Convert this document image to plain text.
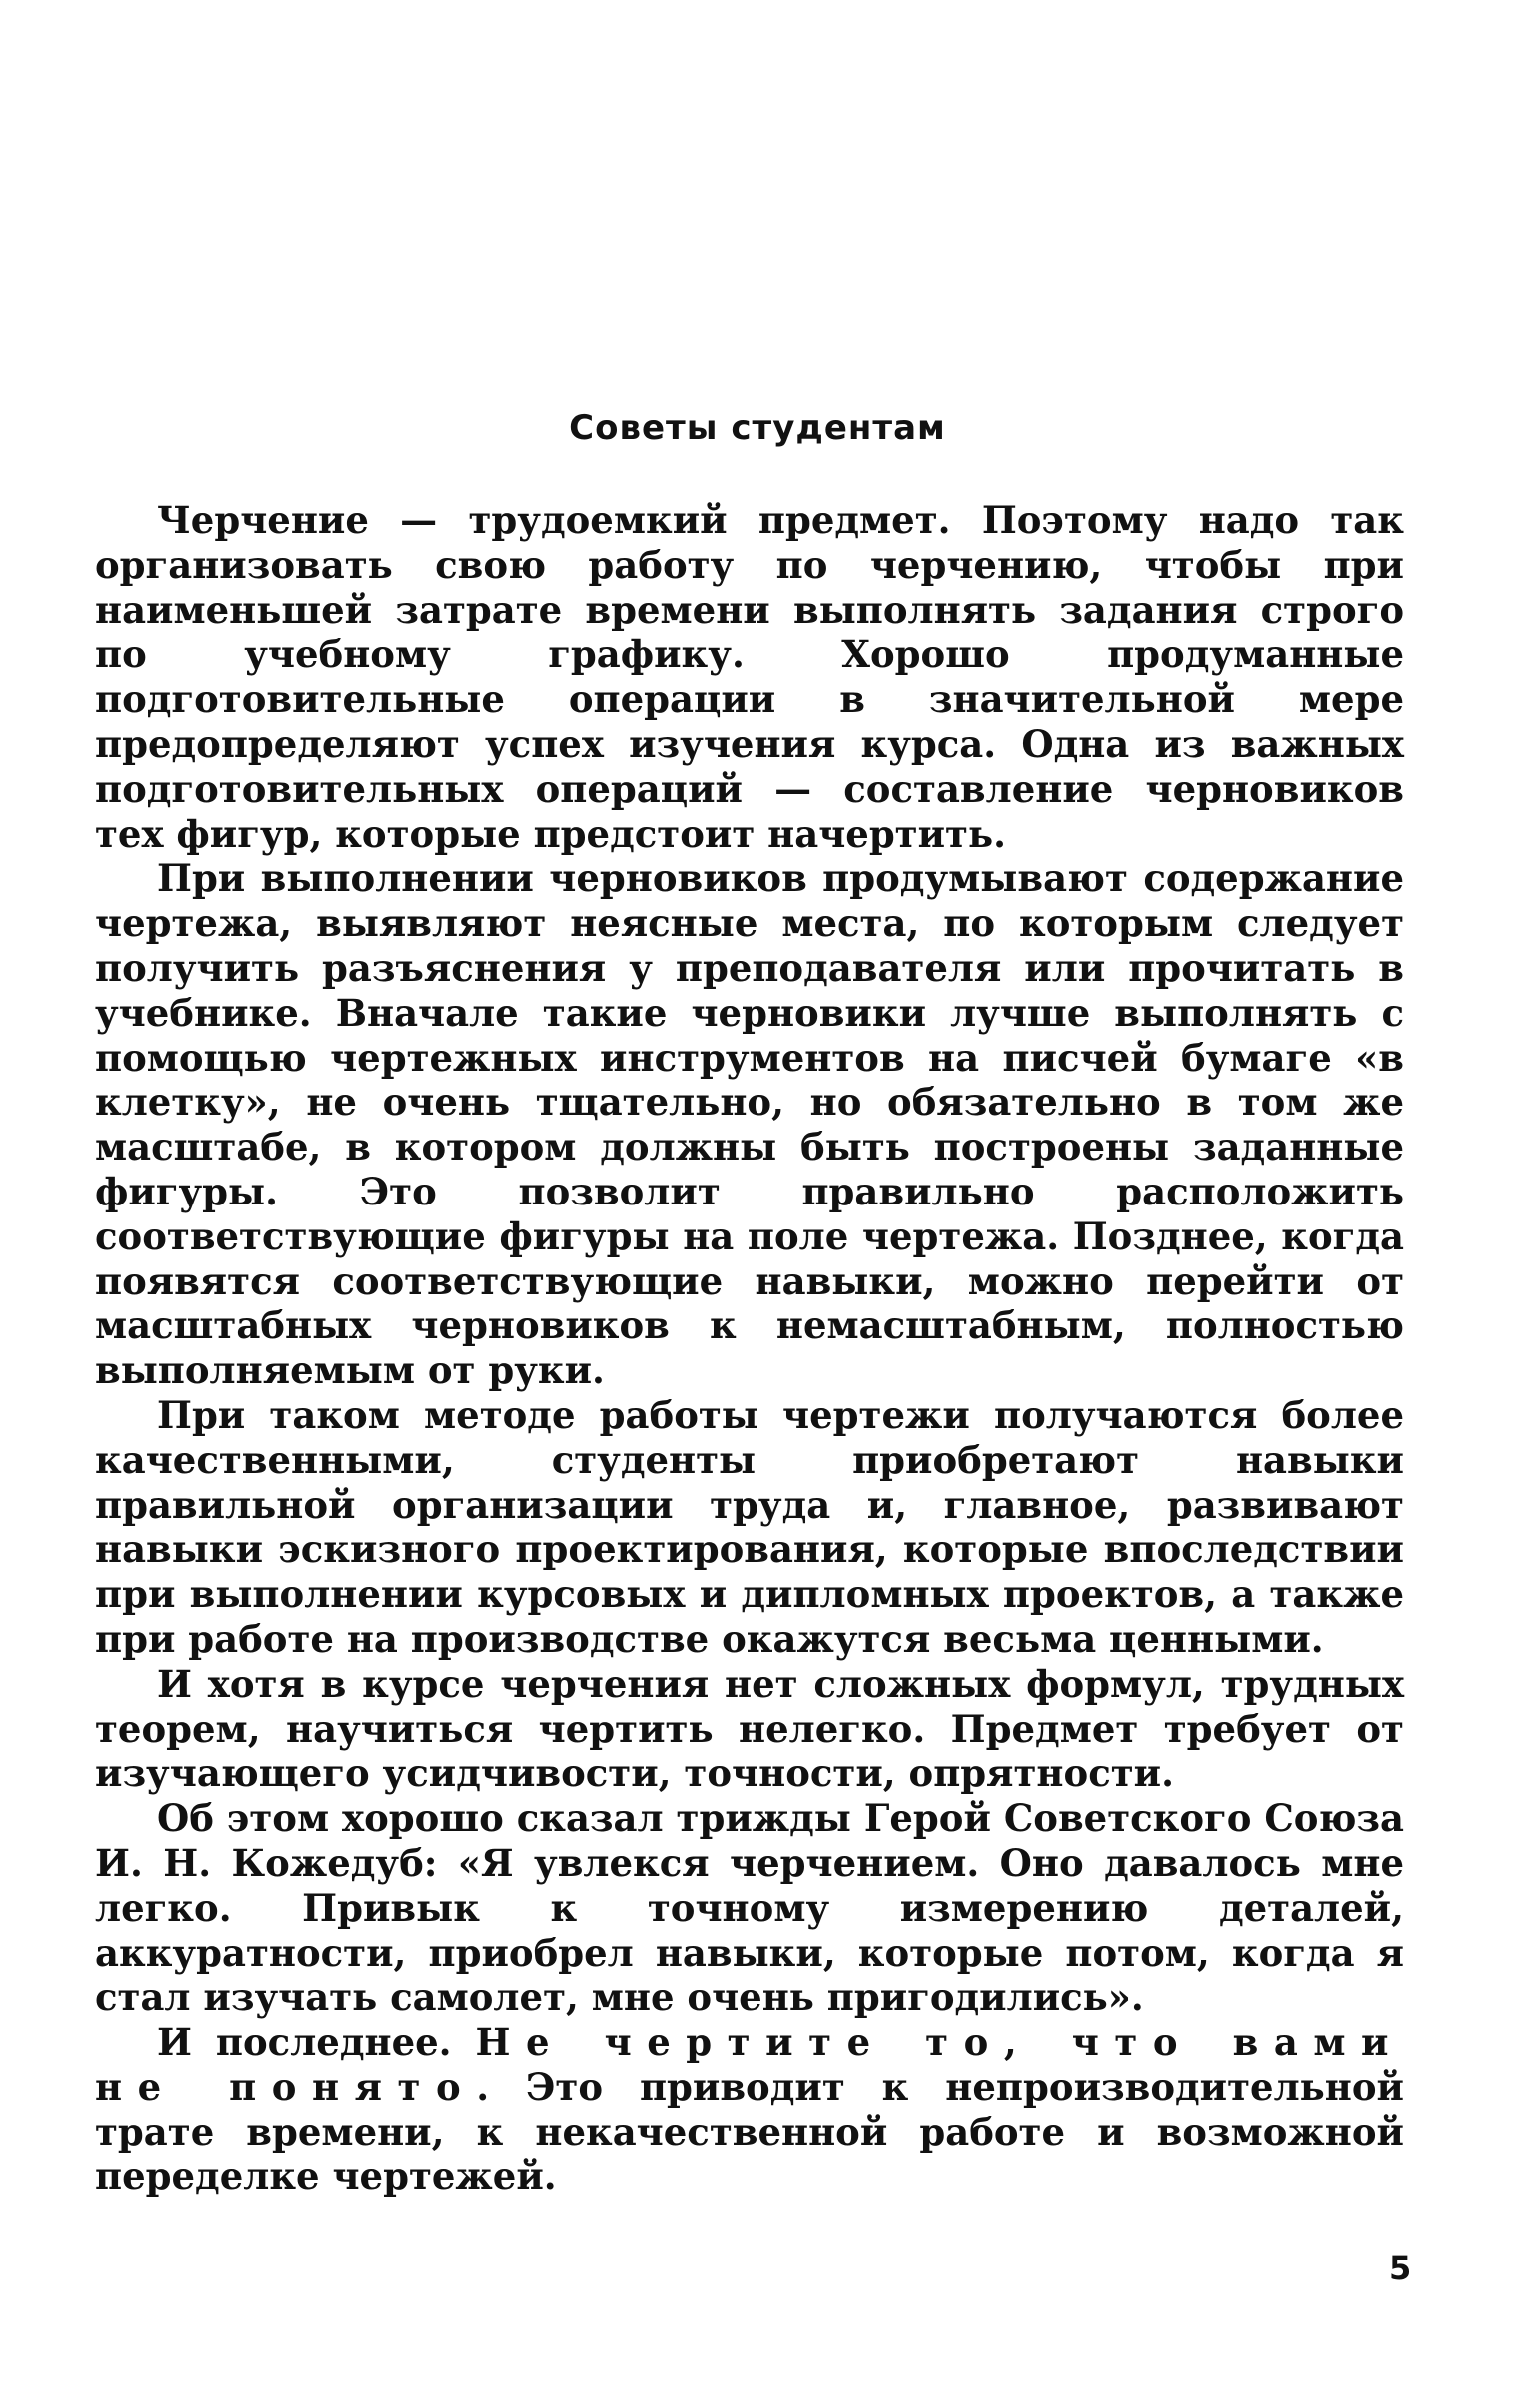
Советы студентам

Черчение — трудоемкий предмет. Поэтому надо так организовать свою работу по черчению, чтобы при наименьшей затрате времени выполнять задания строго по учебному графику. Хорошо продуманные подготовительные операции в значительной мере предопределяют успех изучения курса. Одна из важных подготовительных операций — составление черновиков тех фигур, которые предстоит начертить.

При выполнении черновиков продумывают содержание чертежа, выявляют неясные места, по которым следует получить разъяснения у преподавателя или прочитать в учебнике. Вначале такие черновики лучше выполнять с помощью чертежных инструментов на писчей бумаге «в клетку», не очень тщательно, но обязательно в том же масштабе, в котором должны быть построены заданные фигуры. Это позволит правильно расположить соответствующие фигуры на поле чертежа. Позднее, когда появятся соответствующие навыки, можно перейти от масштабных черновиков к немасштабным, полностью выполняемым от руки.

При таком методе работы чертежи получаются более качественными, студенты приобретают навыки правильной организации труда и, главное, развивают навыки эскизного проектирования, которые впоследствии при выполнении курсовых и дипломных проектов, а также при работе на производстве окажутся весьма ценными.

И хотя в курсе черчения нет сложных формул, трудных теорем, научиться чертить нелегко. Предмет требует от изучающего усидчивости, точности, опрятности.

Об этом хорошо сказал трижды Герой Советского Союза И. Н. Кожедуб: «Я увлекся черчением. Оно давалось мне легко. Привык к точному измерению деталей, аккуратности, приобрел навыки, которые потом, когда я стал изучать самолет, мне очень пригодились».

И последнее. Не чертите то, что вами не понято. Это приводит к непроизводительной трате времени, к некачественной работе и возможной переделке чертежей.

5
